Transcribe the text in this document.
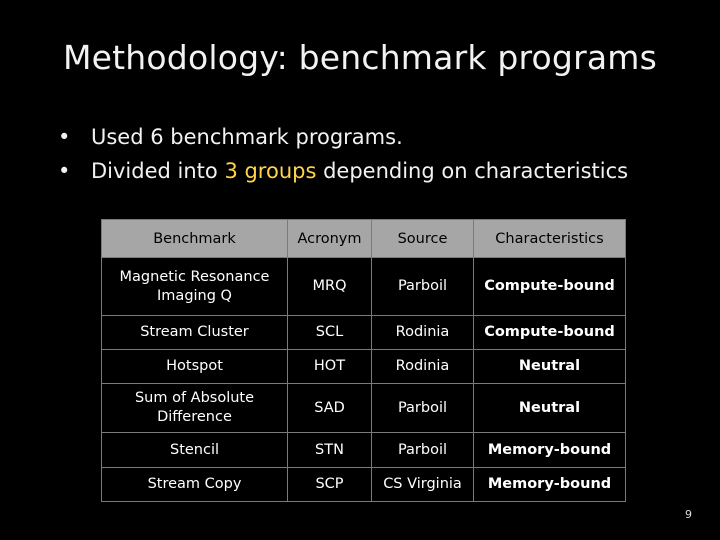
Methodology: benchmark programs
• Used 6 benchmark programs.
• Divided into 3 groups depending on characteristics
Benchmark	Acronym	Source	Characteristics
Magnetic Resonance
Imaging Q	MRQ	Parboil	Compute-bound
Stream Cluster	SCL	Rodinia	Compute-bound
Hotspot	HOT	Rodinia	Neutral
Sum of Absolute
Difference	SAD	Parboil	Neutral
Stencil	STN	Parboil	Memory-bound
Stream Copy	SCP	CS Virginia	Memory-bound
9
